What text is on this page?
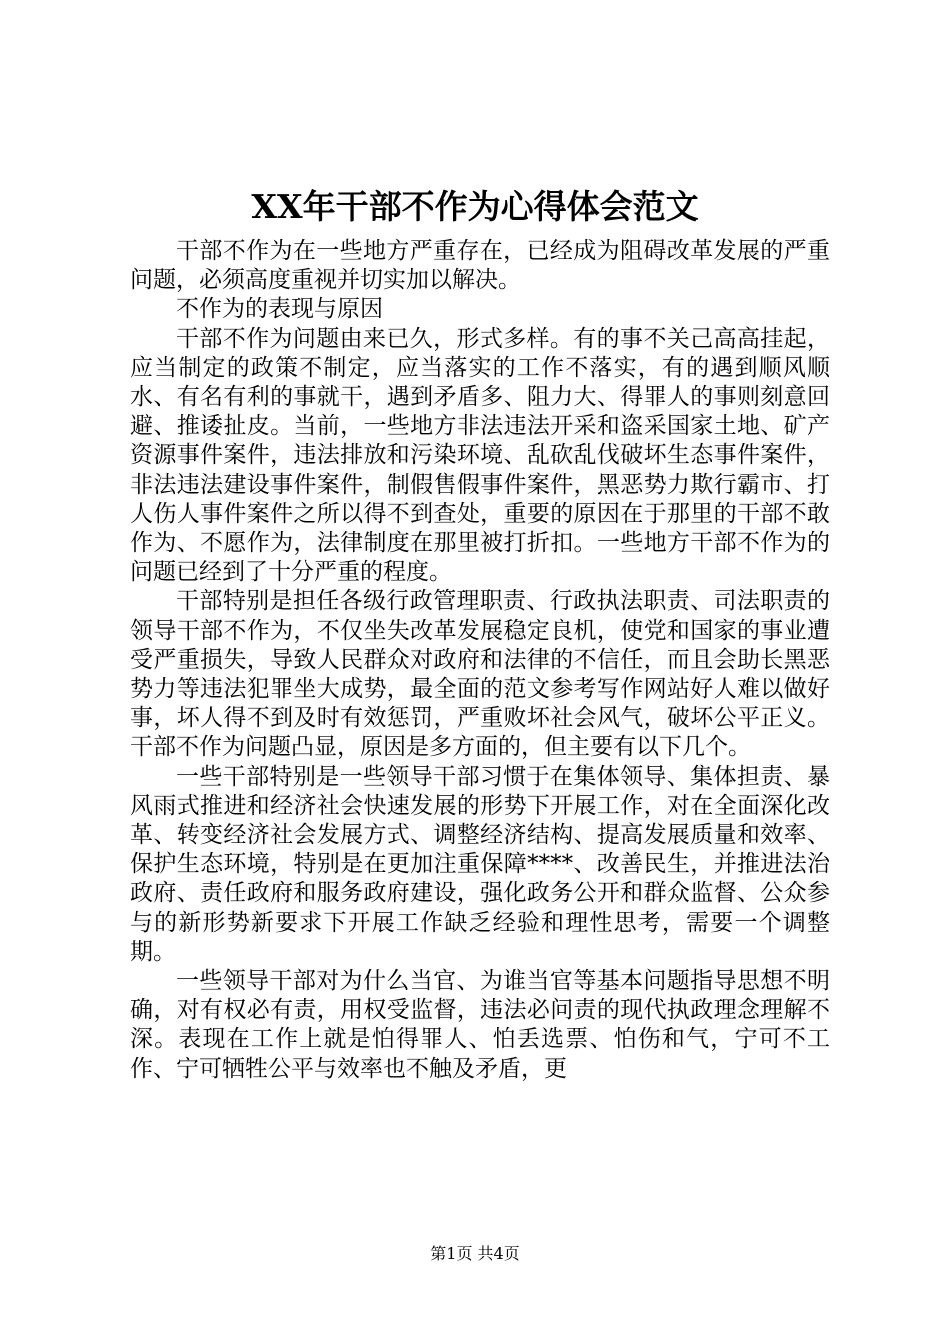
XX年干部不作为心得体会范文

干部不作为在一些地方严重存在，已经成为阻碍改革发展的严重问题，必须高度重视并切实加以解决。

不作为的表现与原因

干部不作为问题由来已久，形式多样。有的事不关己高高挂起，应当制定的政策不制定，应当落实的工作不落实，有的遇到顺风顺水、有名有利的事就干，遇到矛盾多、阻力大、得罪人的事则刻意回避、推诿扯皮。当前，一些地方非法违法开采和盗采国家土地、矿产资源事件案件，违法排放和污染环境、乱砍乱伐破坏生态事件案件，非法违法建设事件案件，制假售假事件案件，黑恶势力欺行霸市、打人伤人事件案件之所以得不到查处，重要的原因在于那里的干部不敢作为、不愿作为，法律制度在那里被打折扣。一些地方干部不作为的问题已经到了十分严重的程度。

干部特别是担任各级行政管理职责、行政执法职责、司法职责的领导干部不作为，不仅坐失改革发展稳定良机，使党和国家的事业遭受严重损失，导致人民群众对政府和法律的不信任，而且会助长黑恶势力等违法犯罪坐大成势，最全面的范文参考写作网站好人难以做好事，坏人得不到及时有效惩罚，严重败坏社会风气，破坏公平正义。干部不作为问题凸显，原因是多方面的，但主要有以下几个。

一些干部特别是一些领导干部习惯于在集体领导、集体担责、暴风雨式推进和经济社会快速发展的形势下开展工作，对在全面深化改革、转变经济社会发展方式、调整经济结构、提高发展质量和效率、保护生态环境，特别是在更加注重保障****、改善民生，并推进法治政府、责任政府和服务政府建设，强化政务公开和群众监督、公众参与的新形势新要求下开展工作缺乏经验和理性思考，需要一个调整期。

一些领导干部对为什么当官、为谁当官等基本问题指导思想不明确，对有权必有责，用权受监督，违法必问责的现代执政理念理解不深。表现在工作上就是怕得罪人、怕丢选票、怕伤和气，宁可不工作、宁可牺牲公平与效率也不触及矛盾，更

第1页 共4页
